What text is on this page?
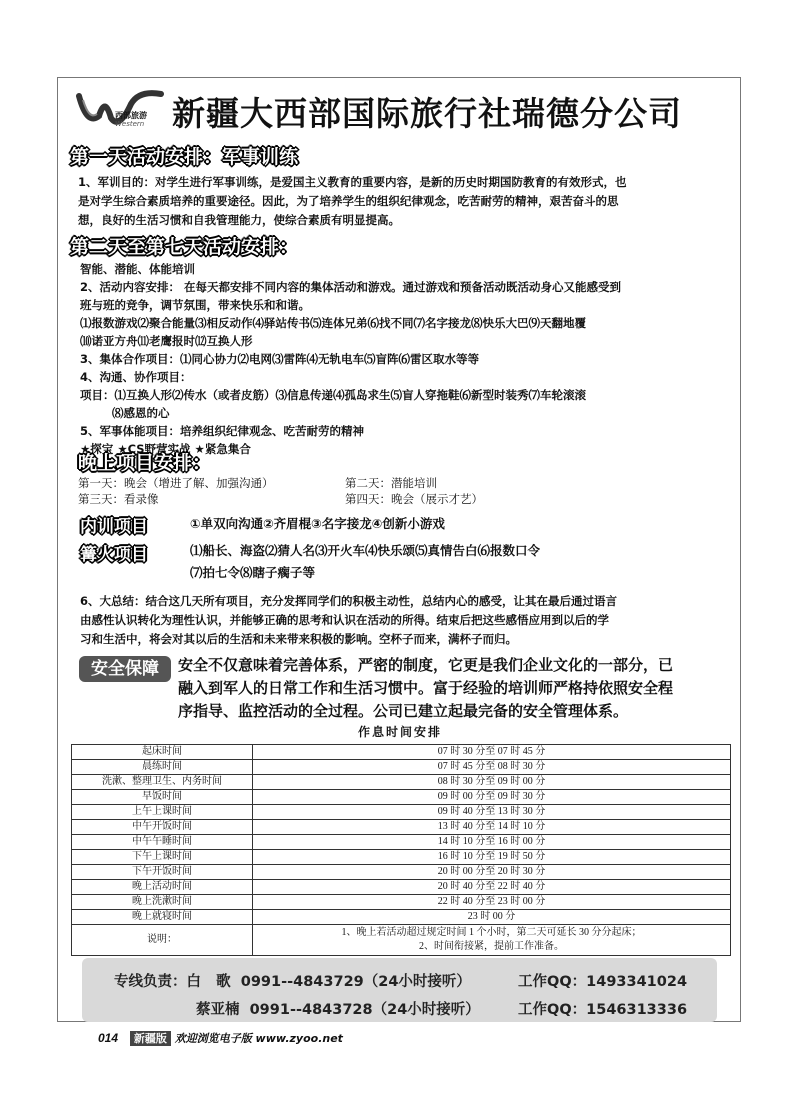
西部旅游
Western 新疆大西部国际旅行社瑞德分公司
第一天活动安排：军事训练
1、军训目的：对学生进行军事训练，是爱国主义教育的重要内容，是新的历史时期国防教育的有效形式，也
是对学生综合素质培养的重要途径。因此，为了培养学生的组织纪律观念，吃苦耐劳的精神，艰苦奋斗的思
想，良好的生活习惯和自我管理能力，使综合素质有明显提高。
第二天至第七天活动安排：
智能、潜能、体能培训
2、活动内容安排： 在每天都安排不同内容的集体活动和游戏。通过游戏和预备活动既活动身心又能感受到
班与班的竞争，调节氛围，带来快乐和和谐。
⑴报数游戏⑵聚合能量⑶相反动作⑷驿站传书⑸连体兄弟⑹找不同⑺名字接龙⑻快乐大巴⑼天翻地覆
⑽诺亚方舟⑾老鹰报时⑿互换人形
3、集体合作项目：⑴同心协力⑵电网⑶雷阵⑷无轨电车⑸盲阵⑹雷区取水等等
4、沟通、协作项目：
项目：⑴互换人形⑵传水（或者皮筋）⑶信息传递⑷孤岛求生⑸盲人穿拖鞋⑹新型时装秀⑺车轮滚滚
⑻感恩的心
5、军事体能项目：培养组织纪律观念、吃苦耐劳的精神
★探宝 ★CS野营实战 ★紧急集合
晚上项目安排：
第一天：晚会（增进了解、加强沟通）	第二天：潜能培训
第三天：看录像	第四天：晚会（展示才艺）
内训项目	①单双向沟通②齐眉棍③名字接龙④创新小游戏
篝火项目	⑴船长、海盗⑵猜人名⑶开火车⑷快乐颂⑸真情告白⑹报数口令
⑺拍七令⑻瞎子瘸子等
6、大总结：结合这几天所有项目，充分发挥同学们的积极主动性，总结内心的感受，让其在最后通过语言
由感性认识转化为理性认识，并能够正确的思考和认识在活动的所得。结束后把这些感悟应用到以后的学
习和生活中，将会对其以后的生活和未来带来积极的影响。空杯子而来，满杯子而归。
安全保障	安全不仅意味着完善体系，严密的制度，它更是我们企业文化的一部分，已
融入到军人的日常工作和生活习惯中。富于经验的培训师严格持依照安全程
序指导、监控活动的全过程。公司已建立起最完备的安全管理体系。
作息时间安排
起床时间	07 时 30 分至 07 时 45 分
晨练时间	07 时 45 分至 08 时 30 分
洗漱、整理卫生、内务时间	08 时 30 分至 09 时 00 分
早饭时间	09 时 00 分至 09 时 30 分
上午上课时间	09 时 40 分至 13 时 30 分
中午开饭时间	13 时 40 分至 14 时 10 分
中午午睡时间	14 时 10 分至 16 时 00 分
下午上课时间	16 时 10 分至 19 时 50 分
下午开饭时间	20 时 00 分至 20 时 30 分
晚上活动时间	20 时 40 分至 22 时 40 分
晚上洗漱时间	22 时 40 分至 23 时 00 分
晚上就寝时间	23 时 00 分
说明：	1、晚上若活动超过规定时间 1 个小时，第二天可延长 30 分分起床；
2、时间衔接紧，提前工作准备。
专线负责：白   歌  0991--4843729（24小时接听）	工作QQ：1493341024
蔡亚楠  0991--4843728（24小时接听）	工作QQ：1546313336
014 新疆版 欢迎浏览电子版 www.zyoo.net
